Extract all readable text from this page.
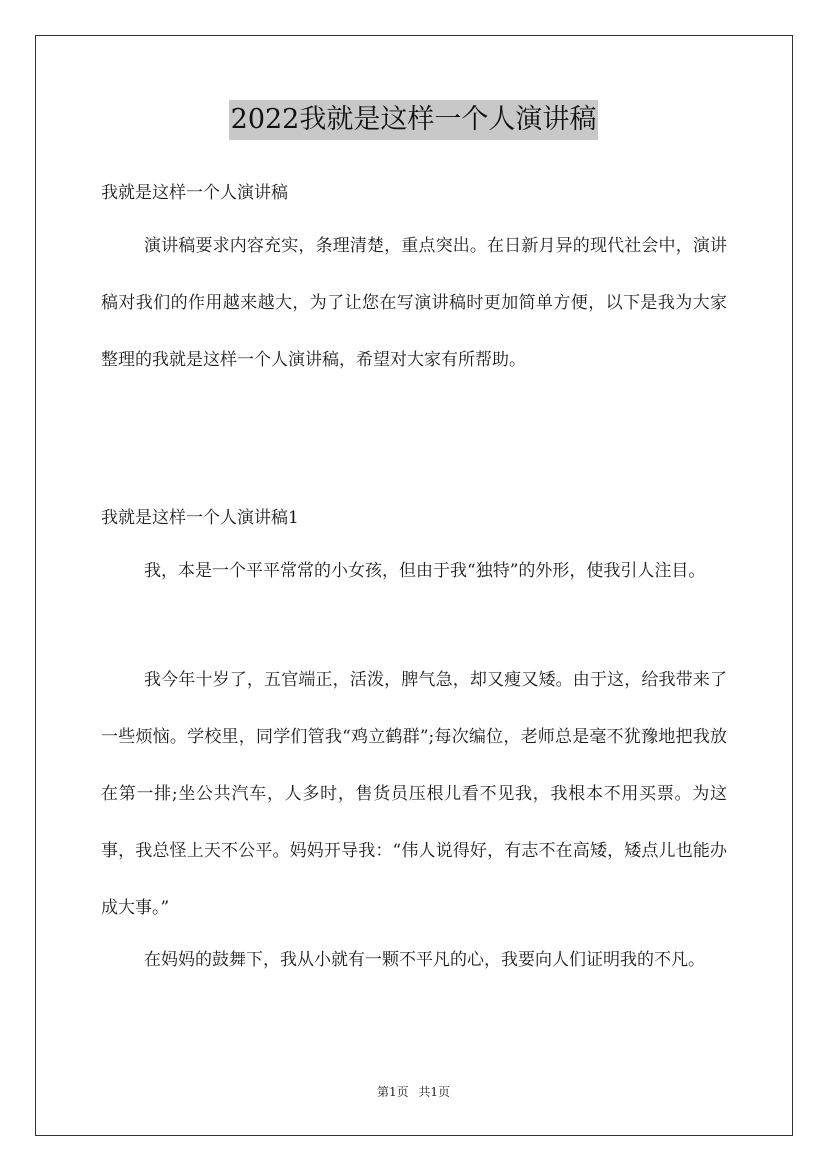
2022我就是这样一个人演讲稿
我就是这样一个人演讲稿

演讲稿要求内容充实，条理清楚，重点突出。在日新月异的现代社会中，演讲稿对我们的作用越来越大，为了让您在写演讲稿时更加简单方便，以下是我为大家整理的我就是这样一个人演讲稿，希望对大家有所帮助。

我就是这样一个人演讲稿1

我，本是一个平平常常的小女孩，但由于我“独特”的外形，使我引人注目。

我今年十岁了，五官端正，活泼，脾气急，却又瘦又矮。由于这，给我带来了一些烦恼。学校里，同学们管我“鸡立鹤群”;每次编位，老师总是毫不犹豫地把我放在第一排;坐公共汽车，人多时，售货员压根儿看不见我，我根本不用买票。为这事，我总怪上天不公平。妈妈开导我：“伟人说得好，有志不在高矮，矮点儿也能办成大事。”

在妈妈的鼓舞下，我从小就有一颗不平凡的心，我要向人们证明我的不凡。

第1页 共1页
